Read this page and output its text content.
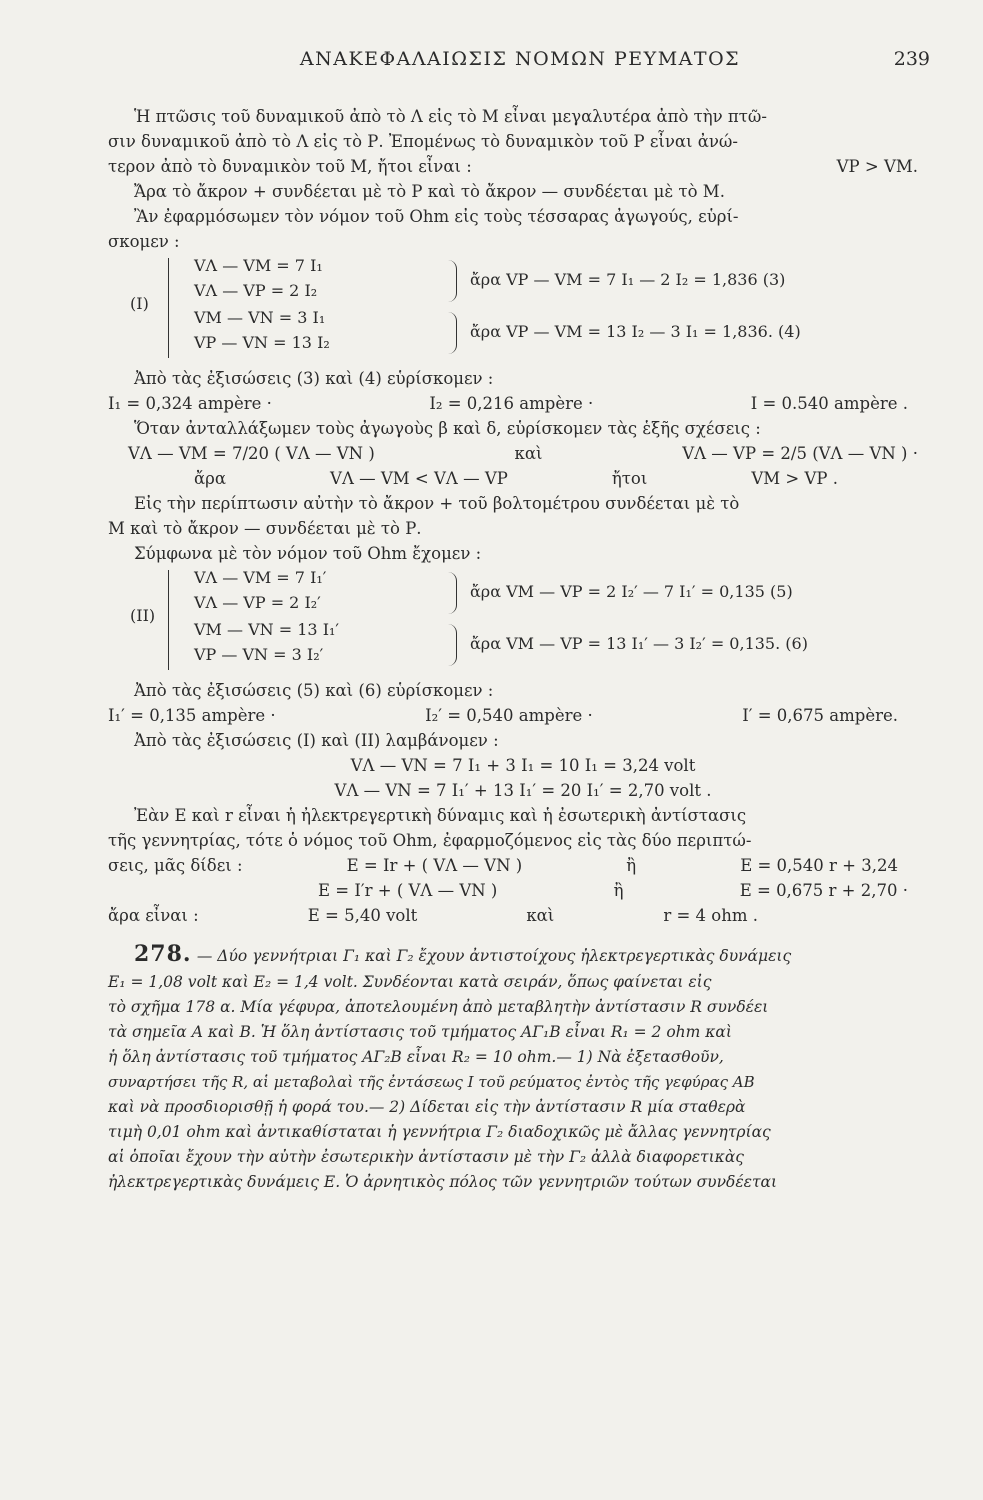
ΑΝΑΚΕΦΑΛΑΙΩΣΙΣ ΝΟΜΩΝ ΡΕΥΜΑΤΟΣ	239
Ἡ πτῶσις τοῦ δυναμικοῦ ἀπὸ τὸ Λ εἰς τὸ Μ εἶναι μεγαλυτέρα ἀπὸ τὴν πτῶ-
σιν δυναμικοῦ ἀπὸ τὸ Λ εἰς τὸ Ρ. Ἐπομένως τὸ δυναμικὸν τοῦ Ρ εἶναι ἀνώ-
τερον ἀπὸ τὸ δυναμικὸν τοῦ Μ, ἤτοι εἶναι :	VP > VM.
Ἄρα τὸ ἄκρον + συνδέεται μὲ τὸ Ρ καὶ τὸ ἄκρον — συνδέεται μὲ τὸ Μ.
Ἂν ἐφαρμόσωμεν τὸν νόμον τοῦ Ohm εἰς τοὺς τέσσαρας ἀγωγούς, εὑρί-
σκομεν :
(I)
VΛ — VM = 7 I₁
VΛ — VP = 2 I₂
VM — VN = 3 I₁
VP — VN = 13 I₂
ἄρα VP — VM = 7 I₁ — 2 I₂ = 1,836 (3)
ἄρα VP — VM = 13 I₂ — 3 I₁ = 1,836. (4)
Ἀπὸ τὰς ἐξισώσεις (3) καὶ (4) εὑρίσκομεν :
I₁ = 0,324 ampère ·	I₂ = 0,216 ampère ·	I = 0.540 ampère .
Ὅταν ἀνταλλάξωμεν τοὺς ἀγωγοὺς β καὶ δ, εὑρίσκομεν τὰς ἑξῆς σχέσεις :
VΛ — VM = 7/20 ( VΛ — VN )	καὶ	VΛ — VP = 2/5 (VΛ — VN ) ·
ἄρα	VΛ — VM < VΛ — VP	ἤτοι	VM > VP .
Εἰς τὴν περίπτωσιν αὐτὴν τὸ ἄκρον + τοῦ βολτομέτρου συνδέεται μὲ τὸ
Μ καὶ τὸ ἄκρον — συνδέεται μὲ τὸ Ρ.
Σύμφωνα μὲ τὸν νόμον τοῦ Ohm ἔχομεν :
(II)
VΛ — VM = 7 I₁′
VΛ — VP = 2 I₂′
VM — VN = 13 I₁′
VP — VN = 3 I₂′
ἄρα VM — VP = 2 I₂′ — 7 I₁′ = 0,135 (5)
ἄρα VM — VP = 13 I₁′ — 3 I₂′ = 0,135. (6)
Ἀπὸ τὰς ἐξισώσεις (5) καὶ (6) εὑρίσκομεν :
I₁′ = 0,135 ampère ·	I₂′ = 0,540 ampère ·	I′ = 0,675 ampère.
Ἀπὸ τὰς ἐξισώσεις (I) καὶ (II) λαμβάνομεν :
VΛ — VN = 7 I₁ + 3 I₁ = 10 I₁ = 3,24 volt
VΛ — VN = 7 I₁′ + 13 I₁′ = 20 I₁′ = 2,70 volt .
Ἐὰν Ε καὶ r εἶναι ἡ ἠλεκτρεγερτικὴ δύναμις καὶ ἡ ἐσωτερικὴ ἀντίστασις
τῆς γεννητρίας, τότε ὁ νόμος τοῦ Ohm, ἐφαρμοζόμενος εἰς τὰς δύο περιπτώ-
σεις, μᾶς δίδει :	E = Ir + ( VΛ — VN )	ἢ	E = 0,540 r + 3,24
E = I′r + ( VΛ — VN )	ἢ	E = 0,675 r + 2,70 ·
ἄρα εἶναι :	E = 5,40 volt	καὶ	r = 4 ohm .
278. — Δύο γεννήτριαι Γ₁ καὶ Γ₂ ἔχουν ἀντιστοίχους ἠλεκτρεγερτικὰς δυνάμεις
E₁ = 1,08 volt καὶ E₂ = 1,4 volt. Συνδέονται κατὰ σειράν, ὅπως φαίνεται εἰς
τὸ σχῆμα 178 α. Μία γέφυρα, ἀποτελουμένη ἀπὸ μεταβλητὴν ἀντίστασιν R συνδέει
τὰ σημεῖα Α καὶ Β. Ἡ ὅλη ἀντίστασις τοῦ τμήματος ΑΓ₁Β εἶναι R₁ = 2 ohm καὶ
ἡ ὅλη ἀντίστασις τοῦ τμήματος ΑΓ₂Β εἶναι R₂ = 10 ohm.— 1) Νὰ ἐξετασθοῦν,
συναρτήσει τῆς R, αἱ μεταβολαὶ τῆς ἐντάσεως I τοῦ ρεύματος ἐντὸς τῆς γεφύρας ΑΒ
καὶ νὰ προσδιορισθῇ ἡ φορά του.— 2) Δίδεται εἰς τὴν ἀντίστασιν R μία σταθερὰ
τιμὴ 0,01 ohm καὶ ἀντικαθίσταται ἡ γεννήτρια Γ₂ διαδοχικῶς μὲ ἄλλας γεννητρίας
αἱ ὁποῖαι ἔχουν τὴν αὐτὴν ἐσωτερικὴν ἀντίστασιν μὲ τὴν Γ₂ ἀλλὰ διαφορετικὰς
ἠλεκτρεγερτικὰς δυνάμεις Ε. Ὁ ἀρνητικὸς πόλος τῶν γεννητριῶν τούτων συνδέεται
